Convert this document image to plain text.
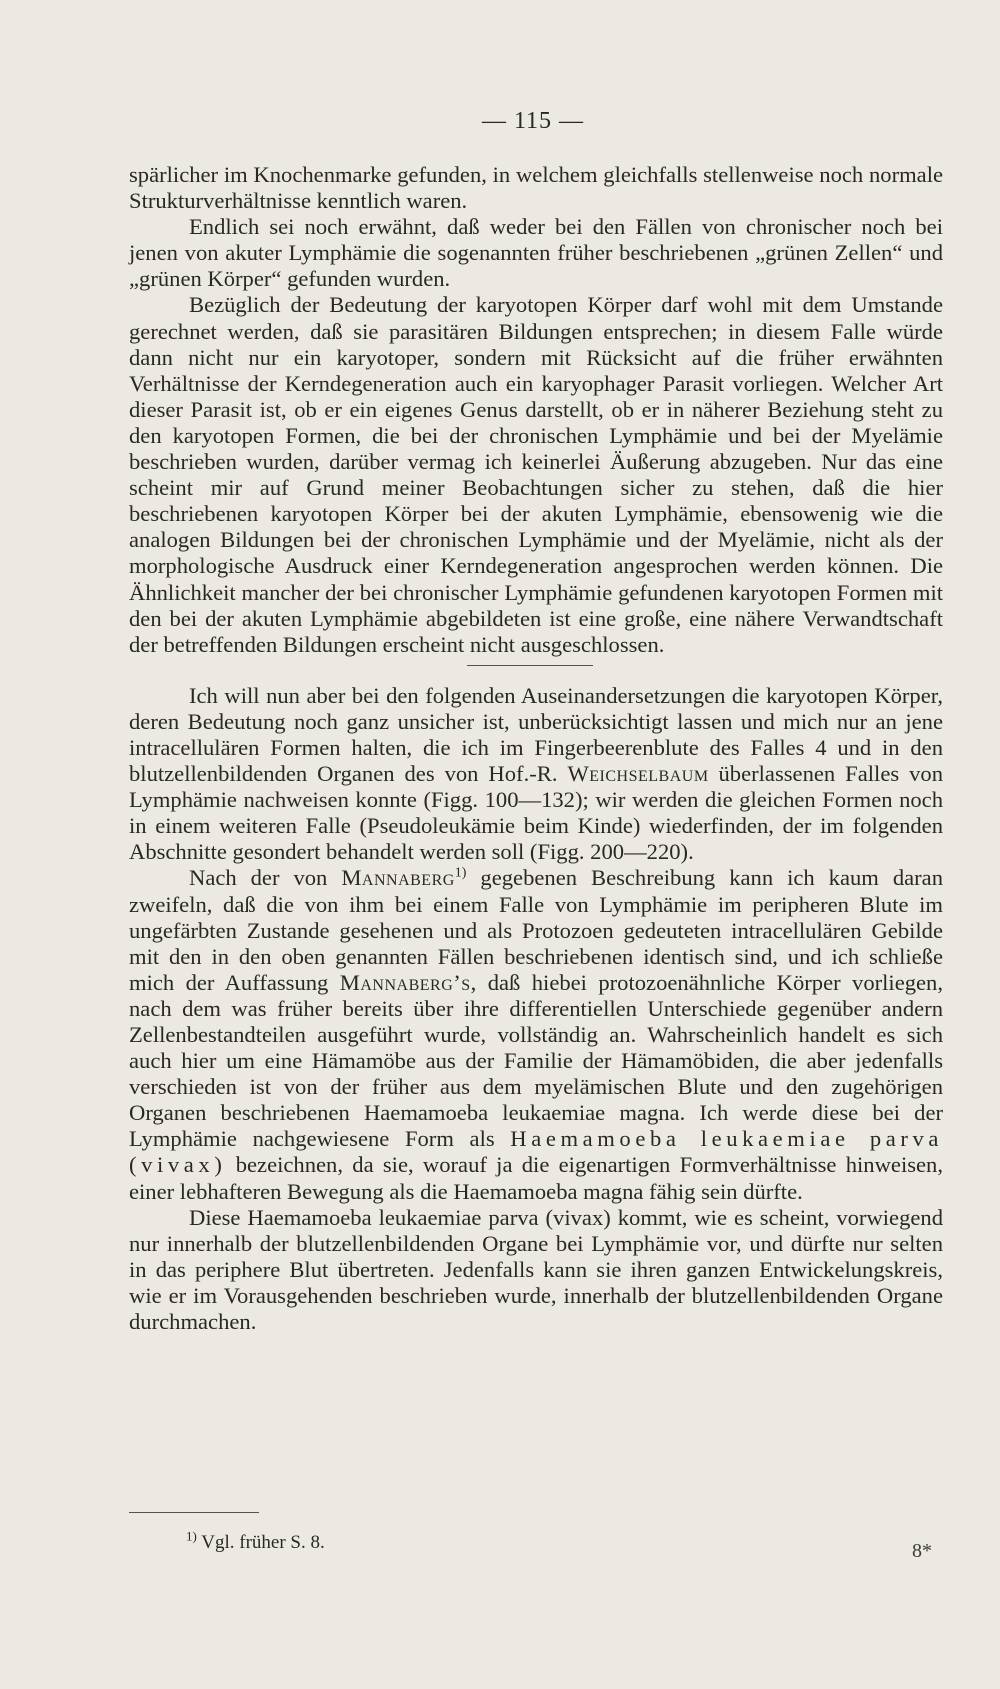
— 115 —

spärlicher im Knochenmarke gefunden, in welchem gleichfalls stellenweise noch normale Strukturverhältnisse kenntlich waren.

Endlich sei noch erwähnt, daß weder bei den Fällen von chronischer noch bei jenen von akuter Lymphämie die sogenannten früher beschriebenen „grünen Zellen“ und „grünen Körper“ gefunden wurden.

Bezüglich der Bedeutung der karyotopen Körper darf wohl mit dem Umstande gerechnet werden, daß sie parasitären Bildungen entsprechen; in diesem Falle würde dann nicht nur ein karyotoper, sondern mit Rücksicht auf die früher erwähnten Verhältnisse der Kerndegeneration auch ein karyophager Parasit vorliegen. Welcher Art dieser Parasit ist, ob er ein eigenes Genus darstellt, ob er in näherer Beziehung steht zu den karyotopen Formen, die bei der chronischen Lymphämie und bei der Myelämie beschrieben wurden, darüber vermag ich keinerlei Äußerung abzugeben. Nur das eine scheint mir auf Grund meiner Beobachtungen sicher zu stehen, daß die hier beschriebenen karyotopen Körper bei der akuten Lymphämie, ebensowenig wie die analogen Bildungen bei der chronischen Lymphämie und der Myelämie, nicht als der morphologische Ausdruck einer Kerndegeneration angesprochen werden können. Die Ähnlichkeit mancher der bei chronischer Lymphämie gefundenen karyotopen Formen mit den bei der akuten Lymphämie abgebildeten ist eine große, eine nähere Verwandtschaft der betreffenden Bildungen erscheint nicht ausgeschlossen.

Ich will nun aber bei den folgenden Auseinandersetzungen die karyotopen Körper, deren Bedeutung noch ganz unsicher ist, unberücksichtigt lassen und mich nur an jene intracellulären Formen halten, die ich im Fingerbeerenblute des Falles 4 und in den blutzellenbildenden Organen des von Hof.-R. Weichselbaum überlassenen Falles von Lymphämie nachweisen konnte (Figg. 100—132); wir werden die gleichen Formen noch in einem weiteren Falle (Pseudoleukämie beim Kinde) wiederfinden, der im folgenden Abschnitte gesondert behandelt werden soll (Figg. 200—220).

Nach der von Mannaberg$^{1)}$ gegebenen Beschreibung kann ich kaum daran zweifeln, daß die von ihm bei einem Falle von Lymphämie im peripheren Blute im ungefärbten Zustande gesehenen und als Protozoen gedeuteten intracellulären Gebilde mit den in den oben genannten Fällen beschriebenen identisch sind, und ich schließe mich der Auffassung Mannaberg’s, daß hiebei protozoenähnliche Körper vorliegen, nach dem was früher bereits über ihre differentiellen Unterschiede gegenüber andern Zellenbestandteilen ausgeführt wurde, vollständig an. Wahrscheinlich handelt es sich auch hier um eine Hämamöbe aus der Familie der Hämamöbiden, die aber jedenfalls verschieden ist von der früher aus dem myelämischen Blute und den zugehörigen Organen beschriebenen Haemamoeba leukaemiae magna. Ich werde diese bei der Lymphämie nachgewiesene Form als Haemamoeba leukaemiae parva (vivax) bezeichnen, da sie, worauf ja die eigenartigen Formverhältnisse hinweisen, einer lebhafteren Bewegung als die Haemamoeba magna fähig sein dürfte.

Diese Haemamoeba leukaemiae parva (vivax) kommt, wie es scheint, vorwiegend nur innerhalb der blutzellenbildenden Organe bei Lymphämie vor, und dürfte nur selten in das periphere Blut übertreten. Jedenfalls kann sie ihren ganzen Entwickelungskreis, wie er im Vorausgehenden beschrieben wurde, innerhalb der blutzellenbildenden Organe durchmachen.

$^{1)}$ Vgl. früher S. 8.	8*
